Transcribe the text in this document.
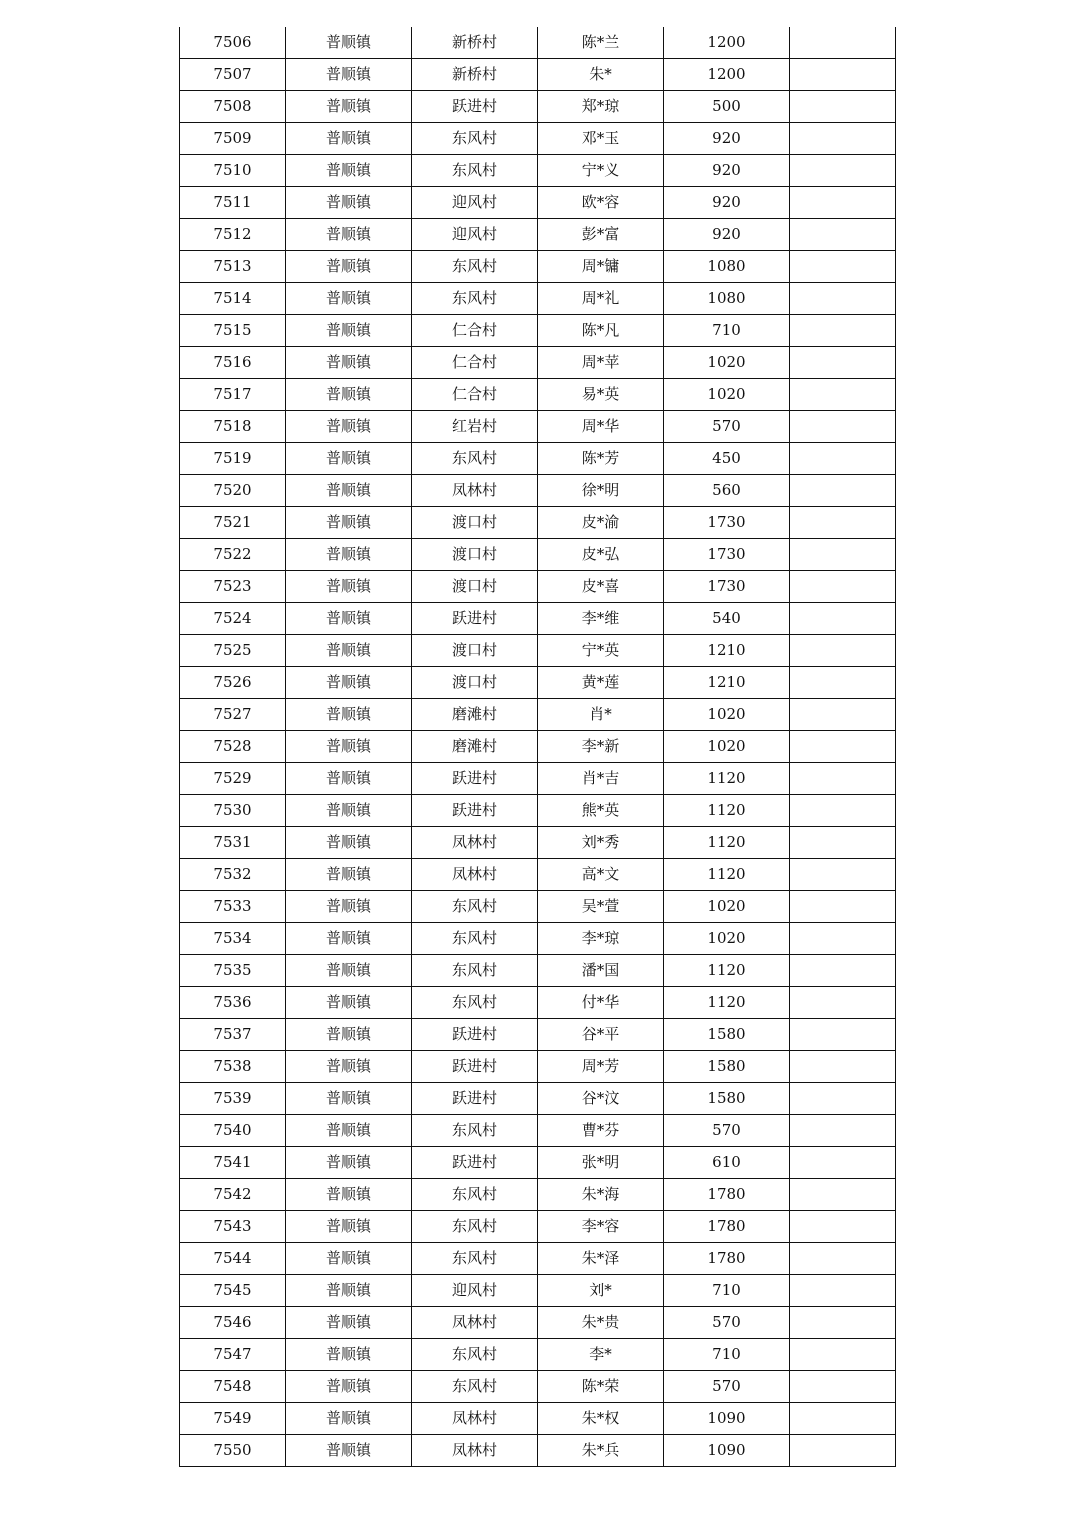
7506	普顺镇	新桥村	陈*兰	1200	
7507	普顺镇	新桥村	朱*	1200	
7508	普顺镇	跃进村	郑*琼	500	
7509	普顺镇	东风村	邓*玉	920	
7510	普顺镇	东风村	宁*义	920	
7511	普顺镇	迎风村	欧*容	920	
7512	普顺镇	迎风村	彭*富	920	
7513	普顺镇	东风村	周*镛	1080	
7514	普顺镇	东风村	周*礼	1080	
7515	普顺镇	仁合村	陈*凡	710	
7516	普顺镇	仁合村	周*苹	1020	
7517	普顺镇	仁合村	易*英	1020	
7518	普顺镇	红岩村	周*华	570	
7519	普顺镇	东风村	陈*芳	450	
7520	普顺镇	凤林村	徐*明	560	
7521	普顺镇	渡口村	皮*渝	1730	
7522	普顺镇	渡口村	皮*弘	1730	
7523	普顺镇	渡口村	皮*喜	1730	
7524	普顺镇	跃进村	李*维	540	
7525	普顺镇	渡口村	宁*英	1210	
7526	普顺镇	渡口村	黄*莲	1210	
7527	普顺镇	磨滩村	肖*	1020	
7528	普顺镇	磨滩村	李*新	1020	
7529	普顺镇	跃进村	肖*吉	1120	
7530	普顺镇	跃进村	熊*英	1120	
7531	普顺镇	凤林村	刘*秀	1120	
7532	普顺镇	凤林村	高*文	1120	
7533	普顺镇	东风村	吴*萱	1020	
7534	普顺镇	东风村	李*琼	1020	
7535	普顺镇	东风村	潘*国	1120	
7536	普顺镇	东风村	付*华	1120	
7537	普顺镇	跃进村	谷*平	1580	
7538	普顺镇	跃进村	周*芳	1580	
7539	普顺镇	跃进村	谷*汶	1580	
7540	普顺镇	东风村	曹*芬	570	
7541	普顺镇	跃进村	张*明	610	
7542	普顺镇	东风村	朱*海	1780	
7543	普顺镇	东风村	李*容	1780	
7544	普顺镇	东风村	朱*泽	1780	
7545	普顺镇	迎风村	刘*	710	
7546	普顺镇	凤林村	朱*贵	570	
7547	普顺镇	东风村	李*	710	
7548	普顺镇	东风村	陈*荣	570	
7549	普顺镇	凤林村	朱*权	1090	
7550	普顺镇	凤林村	朱*兵	1090	
